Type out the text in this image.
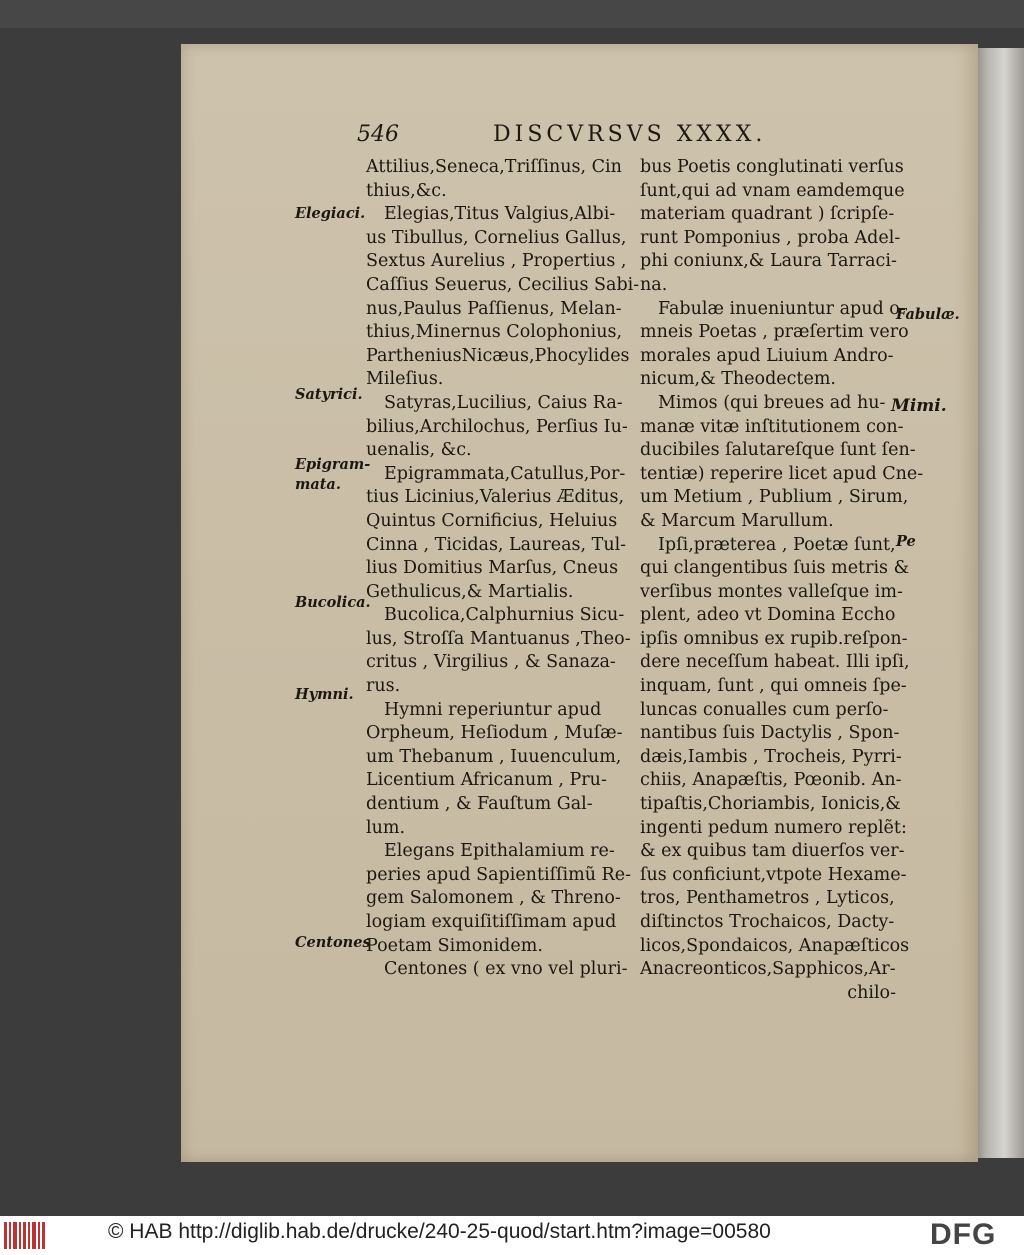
546	DISCVRSVS XXXX.
Elegiaci.
Satyrici.
Epigram-
mata.
Bucolica.
Hymni.
Centones
Fabulæ.
Mimi.
Pe
Attilius,Seneca,Triſſinus, Cin
thius,&c.
Elegias,Titus Valgius,Albi-
us Tibullus, Cornelius Gallus,
Sextus Aurelius , Propertius ,
Caſſius Seuerus, Cecilius Sabi-
nus,Paulus Paſſienus, Melan-
thius,Minernus Colophonius,
PartheniusNicæus,Phocylides
Mileſius.
Satyras,Lucilius, Caius Ra-
bilius,Archilochus, Perſius Iu-
uenalis, &c.
Epigrammata,Catullus,Por-
tius Licinius,Valerius Æditus,
Quintus Cornificius, Heluius
Cinna , Ticidas, Laureas, Tul-
lius Domitius Marſus, Cneus
Gethulicus,& Martialis.
Bucolica,Calphurnius Sicu-
lus, Stroſſa Mantuanus ,Theo-
critus , Virgilius , & Sanaza-
rus.
Hymni reperiuntur apud
Orpheum, Heſiodum , Muſæ-
um Thebanum , Iuuenculum,
Licentium Africanum , Pru-
dentium , & Fauſtum Gal-
lum.
Elegans Epithalamium re-
peries apud Sapientiſſimũ Re-
gem Salomonem , & Threno-
logiam exquiſitiſſimam apud
Poetam Simonidem.
Centones ( ex vno vel pluri-
bus Poetis conglutinati verſus
ſunt,qui ad vnam eamdemque
materiam quadrant ) ſcripſe-
runt Pomponius , proba Adel-
phi coniunx,& Laura Tarraci-
na.
Fabulæ inueniuntur apud o-
mneis Poetas , præſertim vero
morales apud Liuium Andro-
nicum,& Theodectem.
Mimos (qui breues ad hu-
manæ vitæ inſtitutionem con-
ducibiles ſalutareſque ſunt ſen-
tentiæ) reperire licet apud Cne-
um Metium , Publium , Sirum,
& Marcum Marullum.
Ipſi,præterea , Poetæ ſunt,
qui clangentibus ſuis metris &
verſibus montes valleſque im-
plent, adeo vt Domina Eccho
ipſis omnibus ex rupib.reſpon-
dere neceſſum habeat. Illi ipſi,
inquam, ſunt , qui omneis ſpe-
luncas conualles cum perſo-
nantibus ſuis Dactylis , Spon-
dæis,Iambis , Trocheis, Pyrri-
chiis, Anapæſtis, Pœonib. An-
tipaſtis,Choriambis, Ionicis,&
ingenti pedum numero replẽt:
& ex quibus tam diuerſos ver-
ſus conficiunt,vtpote Hexame-
tros, Penthametros , Lyticos,
diſtinctos Trochaicos, Dacty-
licos,Spondaicos, Anapæſticos
Anacreonticos,Sapphicos,Ar-
chilo-
© HAB http://diglib.hab.de/drucke/240-25-quod/start.htm?image=00580	DFG
